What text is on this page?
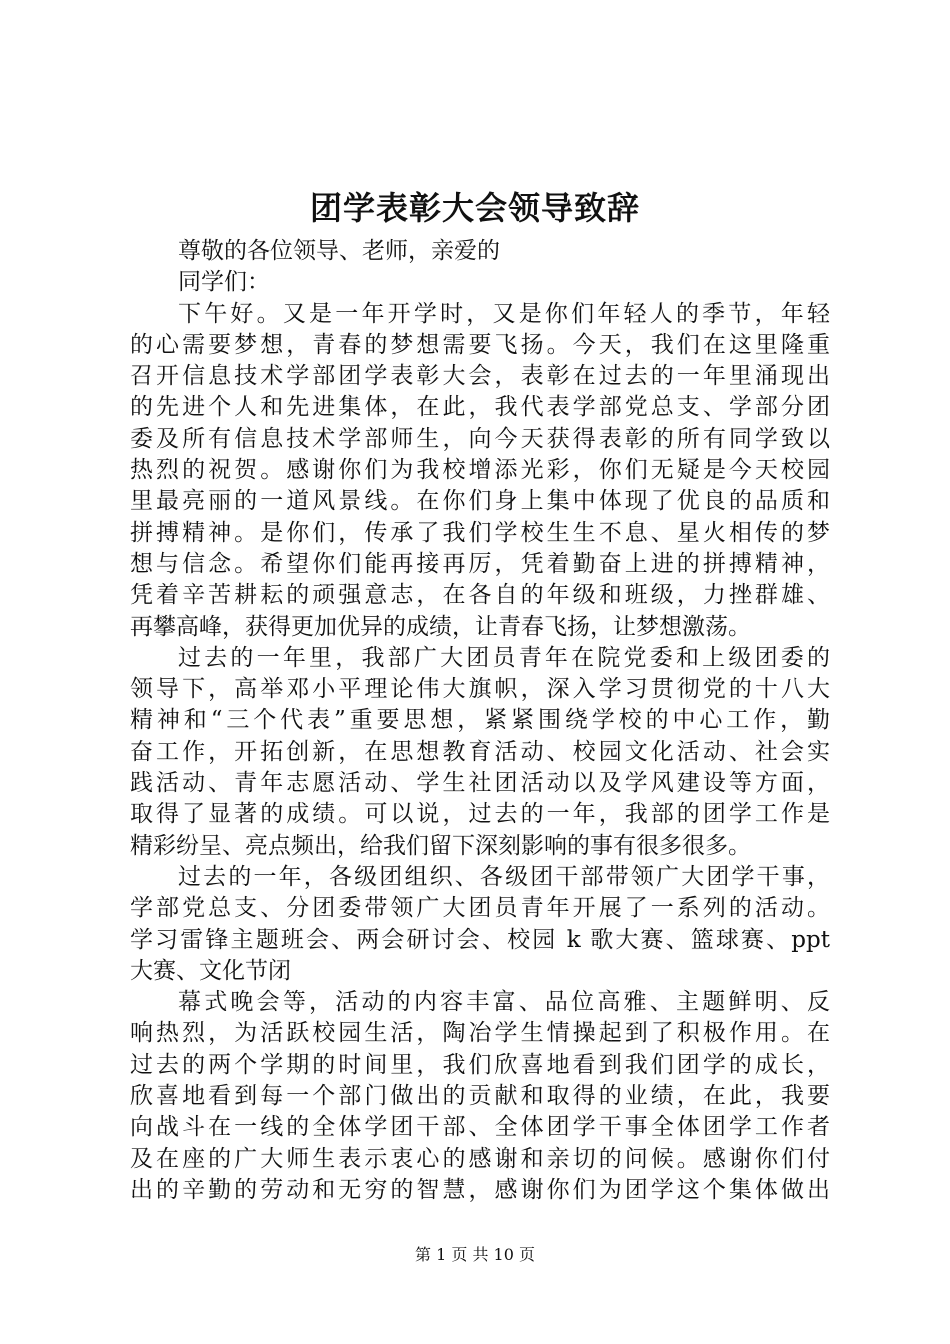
团学表彰大会领导致辞
尊敬的各位领导、老师，亲爱的
同学们：
下午好。又是一年开学时，又是你们年轻人的季节，年轻
的心需要梦想，青春的梦想需要飞扬。今天，我们在这里隆重
召开信息技术学部团学表彰大会，表彰在过去的一年里涌现出
的先进个人和先进集体，在此，我代表学部党总支、学部分团
委及所有信息技术学部师生，向今天获得表彰的所有同学致以
热烈的祝贺。感谢你们为我校增添光彩，你们无疑是今天校园
里最亮丽的一道风景线。在你们身上集中体现了优良的品质和
拼搏精神。是你们，传承了我们学校生生不息、星火相传的梦
想与信念。希望你们能再接再厉，凭着勤奋上进的拼搏精神，
凭着辛苦耕耘的顽强意志，在各自的年级和班级，力挫群雄、
再攀高峰，获得更加优异的成绩，让青春飞扬，让梦想激荡。
过去的一年里，我部广大团员青年在院党委和上级团委的
领导下，高举邓小平理论伟大旗帜，深入学习贯彻党的十八大
精神和“三个代表”重要思想，紧紧围绕学校的中心工作，勤
奋工作，开拓创新，在思想教育活动、校园文化活动、社会实
践活动、青年志愿活动、学生社团活动以及学风建设等方面，
取得了显著的成绩。可以说，过去的一年，我部的团学工作是
精彩纷呈、亮点频出，给我们留下深刻影响的事有很多很多。
过去的一年，各级团组织、各级团干部带领广大团学干事，
学部党总支、分团委带领广大团员青年开展了一系列的活动。
学习雷锋主题班会、两会研讨会、校园 k 歌大赛、篮球赛、ppt
大赛、文化节闭
幕式晚会等，活动的内容丰富、品位高雅、主题鲜明、反
响热烈，为活跃校园生活，陶冶学生情操起到了积极作用。在
过去的两个学期的时间里，我们欣喜地看到我们团学的成长，
欣喜地看到每一个部门做出的贡献和取得的业绩，在此，我要
向战斗在一线的全体学团干部、全体团学干事全体团学工作者
及在座的广大师生表示衷心的感谢和亲切的问候。感谢你们付
出的辛勤的劳动和无穷的智慧，感谢你们为团学这个集体做出
第 1 页 共 10 页
